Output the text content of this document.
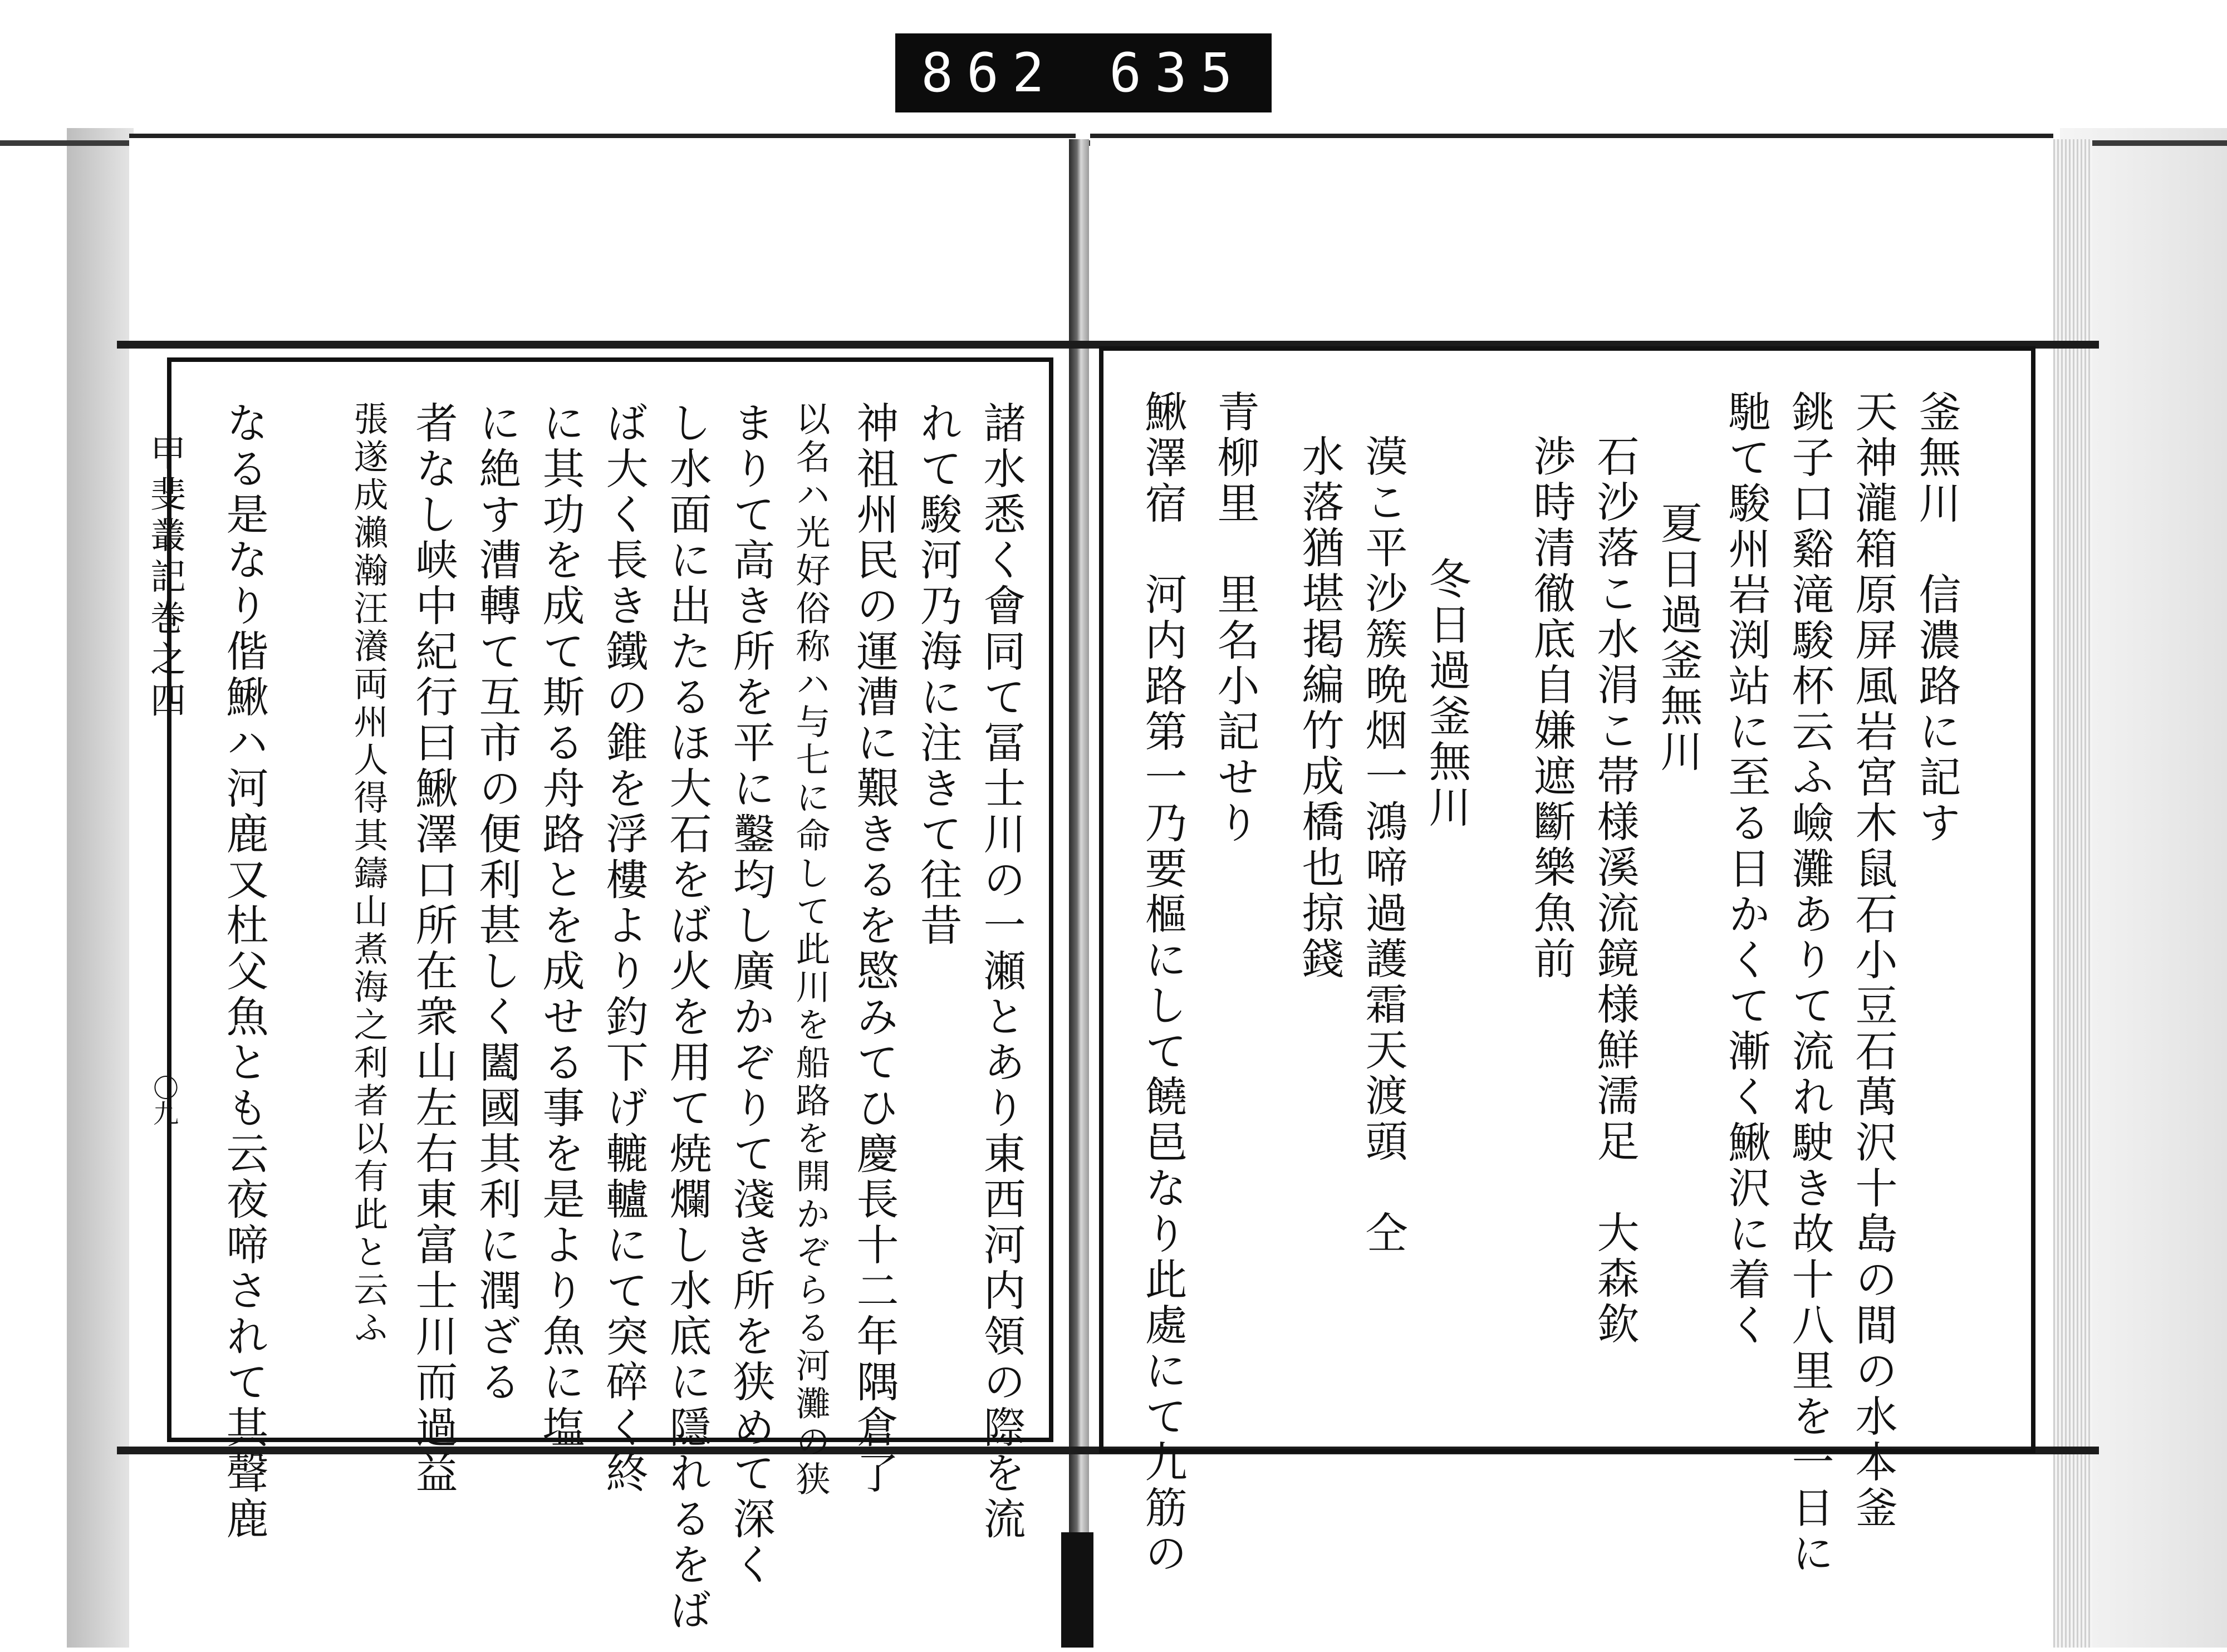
862 635
甲斐叢記巻之四
〇九	諸水悉く會同て冨士川の一瀬とあり東西河内領の際を流
れて駿河乃海に注きて往昔
神祖州民の運漕に艱きるを愍みてひ慶長十二年隅倉了
以名ハ光好俗称ハ与七に命して此川を船路を開かぞらる河灘の狭
まりて高き所を平に鑿均し廣かぞりて淺き所を狭めて深く
し水面に出たるほ大石をば火を用て焼爛し水底に隱れるをば
ば大く長き鐵の錐を浮樓より釣下げ轆轤にて突碎く終
に其功を成て斯る舟路とを成せる事を是より魚に塩
に絶す漕轉て互市の便利甚しく闔國其利に潤ざる
者なし峡中紀行曰鰍澤口所在衆山左右東富士川而過益
張遂成瀨瀚汪瀁両州人得其鑄山煮海之利者以有此と云ふ
なる是なり偕鰍ハ河鹿又杜父魚とも云夜啼されて其聲鹿	釜無川　信濃路に記す
天神瀧箱原屏風岩宮木鼠石小豆石萬沢十島の間の水本釜
銚子口谿滝駿杯云ふ嶮灘ありて流れ駛き故十八里を一日に
馳て駿州岩渕站に至る日かくて漸く鰍沢に着く
夏日過釜無川
石沙落こ水涓こ帯様溪流鏡様鮮濡足　大森欽
渉時清徹底自嫌遮斷樂魚前
冬日過釜無川
漠こ平沙簇晩烟一鴻啼過護霜天渡頭　仝
水落猶堪掲編竹成橋也掠錢
青柳里　里名小記せり
鰍澤宿　河内路第一乃要樞にして饒邑なり此處にて九筋の
